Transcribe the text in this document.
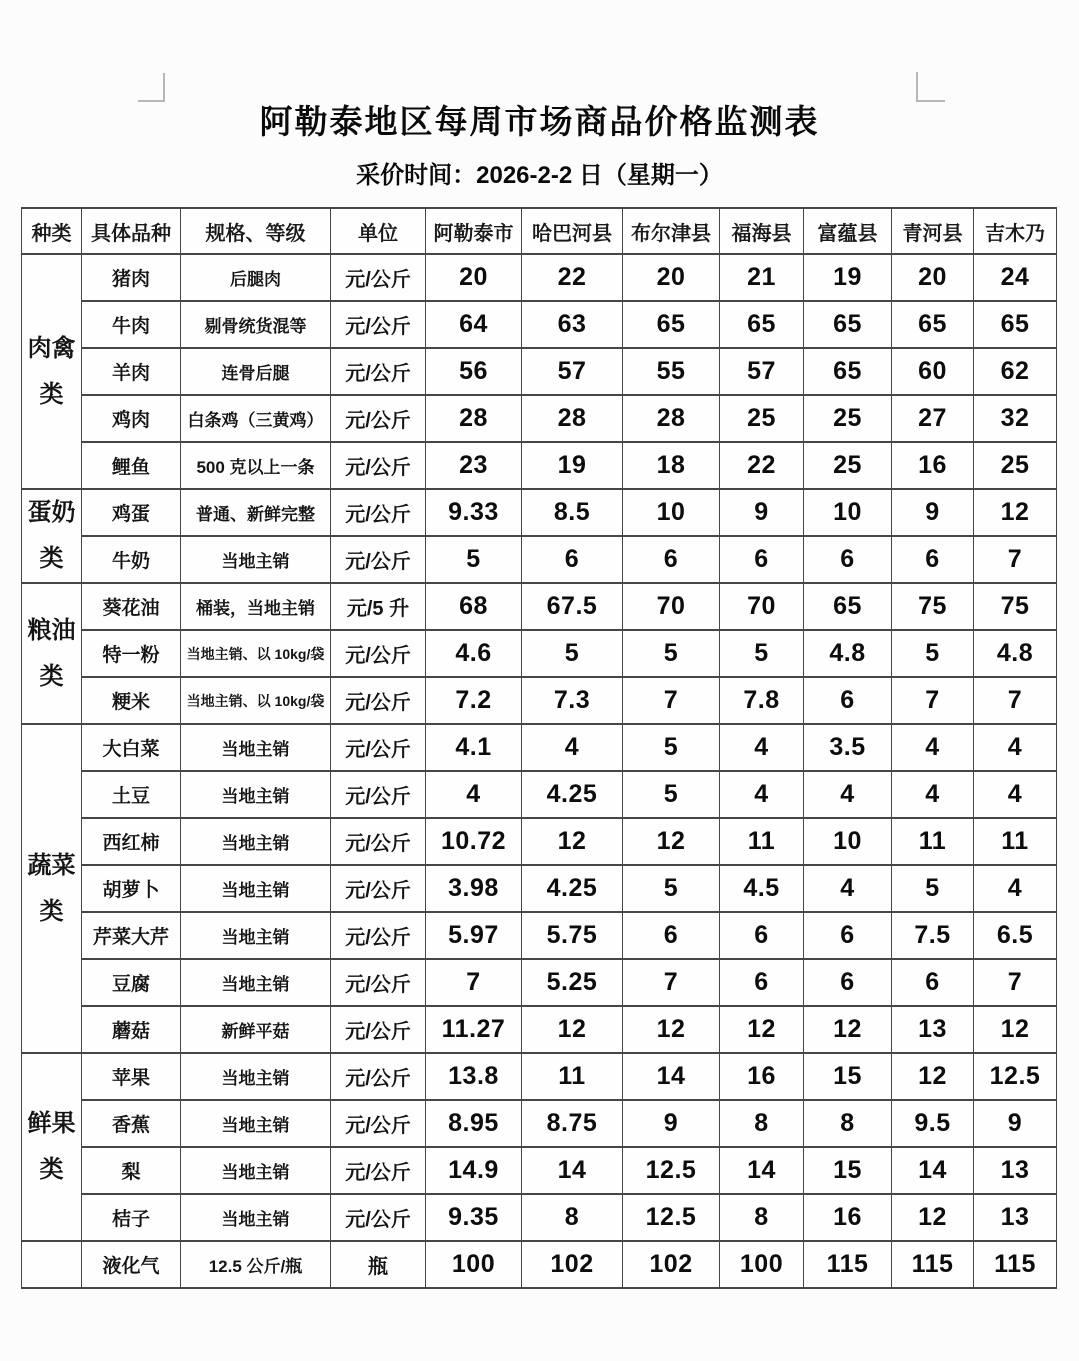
阿勒泰地区每周市场商品价格监测表
采价时间：2026-2-2 日（星期一）
种类	具体品种	规格、等级	单位	阿勒泰市	哈巴河县	布尔津县	福海县	富蕴县	青河县	吉木乃
肉禽类	猪肉	后腿肉	元/公斤	20	22	20	21	19	20	24
	牛肉	剔骨统货混等	元/公斤	64	63	65	65	65	65	65
	羊肉	连骨后腿	元/公斤	56	57	55	57	65	60	62
	鸡肉	白条鸡（三黄鸡）	元/公斤	28	28	28	25	25	27	32
	鲤鱼	500 克以上一条	元/公斤	23	19	18	22	25	16	25
蛋奶类	鸡蛋	普通、新鲜完整	元/公斤	9.33	8.5	10	9	10	9	12
	牛奶	当地主销	元/公斤	5	6	6	6	6	6	7
粮油类	葵花油	桶装，当地主销	元/5 升	68	67.5	70	70	65	75	75
	特一粉	当地主销、以 10kg/袋	元/公斤	4.6	5	5	5	4.8	5	4.8
	粳米	当地主销、以 10kg/袋	元/公斤	7.2	7.3	7	7.8	6	7	7
蔬菜类	大白菜	当地主销	元/公斤	4.1	4	5	4	3.5	4	4
	土豆	当地主销	元/公斤	4	4.25	5	4	4	4	4
	西红柿	当地主销	元/公斤	10.72	12	12	11	10	11	11
	胡萝卜	当地主销	元/公斤	3.98	4.25	5	4.5	4	5	4
	芹菜大芹	当地主销	元/公斤	5.97	5.75	6	6	6	7.5	6.5
	豆腐	当地主销	元/公斤	7	5.25	7	6	6	6	7
	蘑菇	新鲜平菇	元/公斤	11.27	12	12	12	12	13	12
鲜果类	苹果	当地主销	元/公斤	13.8	11	14	16	15	12	12.5
	香蕉	当地主销	元/公斤	8.95	8.75	9	8	8	9.5	9
	梨	当地主销	元/公斤	14.9	14	12.5	14	15	14	13
	桔子	当地主销	元/公斤	9.35	8	12.5	8	16	12	13
	液化气	12.5 公斤/瓶	瓶	100	102	102	100	115	115	115
